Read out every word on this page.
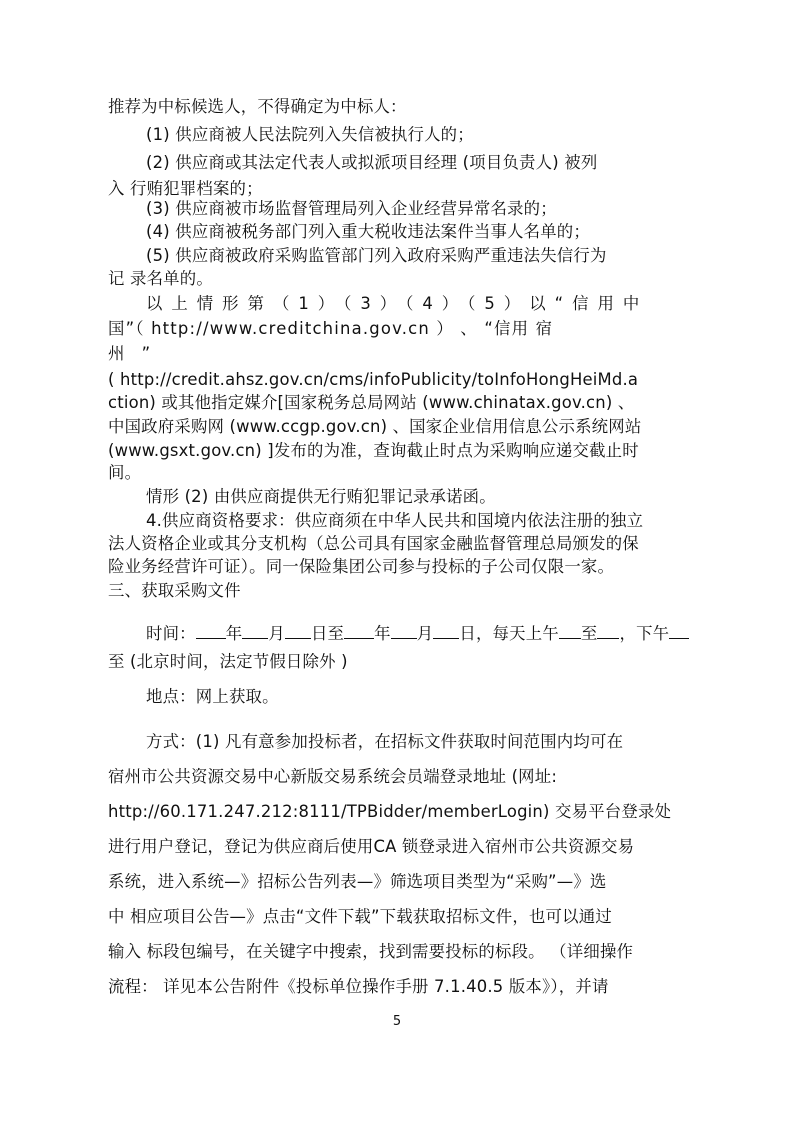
推荐为中标候选人，不得确定为中标人：
(1) 供应商被人民法院列入失信被执行人的；
(2) 供应商或其法定代表人或拟派项目经理 (项目负责人) 被列
入 行贿犯罪档案的；
(3) 供应商被市场监督管理局列入企业经营异常名录的；
(4) 供应商被税务部门列入重大税收违法案件当事人名单的；
(5) 供应商被政府采购监管部门列入政府采购严重违法失信行为
记 录名单的。
以上情形第（1）（3）（4）（5）以“信用中
国”（ http://www.creditchina.gov.cn ） 、 “信用 宿
州 ”
( http://credit.ahsz.gov.cn/cms/infoPublicity/toInfoHongHeiMd.a
ction) 或其他指定媒介[国家税务总局网站 (www.chinatax.gov.cn) 、
中国政府采购网 (www.ccgp.gov.cn) 、国家企业信用信息公示系统网站
(www.gsxt.gov.cn) ]发布的为准，查询截止时点为采购响应递交截止时
间。
情形 (2) 由供应商提供无行贿犯罪记录承诺函。
4.供应商资格要求：供应商须在中华人民共和国境内依法注册的独立
法人资格企业或其分支机构（总公司具有国家金融监督管理总局颁发的保
险业务经营许可证）。同一保险集团公司参与投标的子公司仅限一家。
三、获取采购文件
时间： 年 月 日至 年 月 日，每天上午 至 ，下午
至 (北京时间，法定节假日除外 )
地点：网上获取。
方式：(1) 凡有意参加投标者，在招标文件获取时间范围内均可在
宿州市公共资源交易中心新版交易系统会员端登录地址 (网址:
http://60.171.247.212:8111/TPBidder/memberLogin) 交易平台登录处
进行用户登记，登记为供应商后使用CA 锁登录进入宿州市公共资源交易
系统，进入系统—》招标公告列表—》筛选项目类型为“采购”—》选
中 相应项目公告—》点击“文件下载”下载获取招标文件，也可以通过
输入 标段包编号，在关键字中搜索，找到需要投标的标段。 （详细操作
流程： 详见本公告附件《投标单位操作手册 7.1.40.5 版本》），并请
5
